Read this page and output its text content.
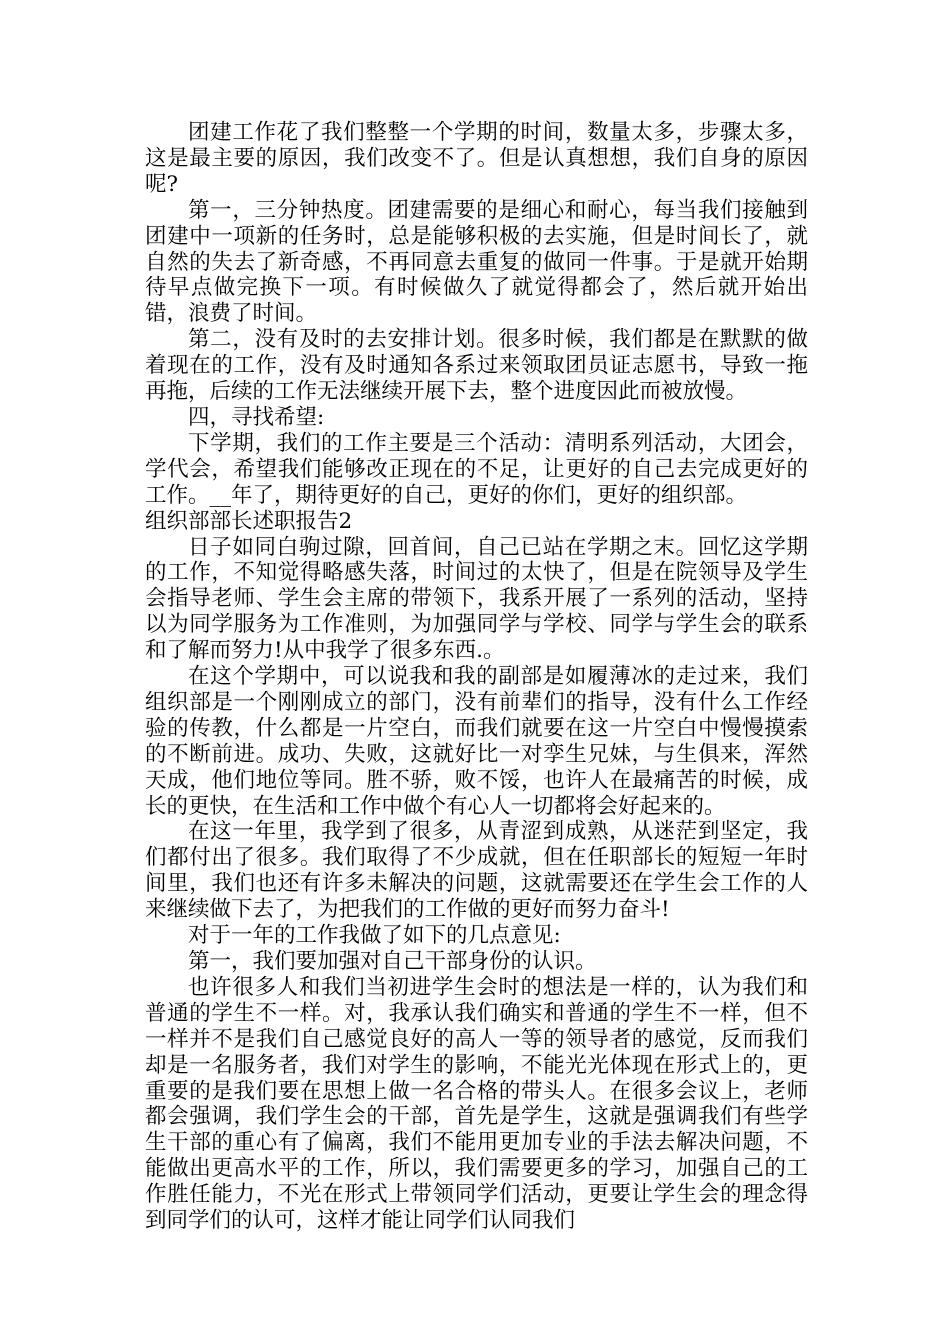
团建工作花了我们整整一个学期的时间，数量太多，步骤太多，这是最主要的原因，我们改变不了。但是认真想想，我们自身的原因呢?

第一，三分钟热度。团建需要的是细心和耐心，每当我们接触到团建中一项新的任务时，总是能够积极的去实施，但是时间长了，就自然的失去了新奇感，不再同意去重复的做同一件事。于是就开始期待早点做完换下一项。有时候做久了就觉得都会了，然后就开始出错，浪费了时间。

第二，没有及时的去安排计划。很多时候，我们都是在默默的做着现在的工作，没有及时通知各系过来领取团员证志愿书，导致一拖再拖，后续的工作无法继续开展下去，整个进度因此而被放慢。

四，寻找希望:

下学期，我们的工作主要是三个活动：清明系列活动，大团会，学代会，希望我们能够改正现在的不足，让更好的自己去完成更好的工作。__年了，期待更好的自己，更好的你们，更好的组织部。

组织部部长述职报告2

日子如同白驹过隙，回首间，自己已站在学期之末。回忆这学期的工作，不知觉得略感失落，时间过的太快了，但是在院领导及学生会指导老师、学生会主席的带领下，我系开展了一系列的活动，坚持以为同学服务为工作准则，为加强同学与学校、同学与学生会的联系和了解而努力!从中我学了很多东西.。

在这个学期中，可以说我和我的副部是如履薄冰的走过来，我们组织部是一个刚刚成立的部门，没有前辈们的指导，没有什么工作经验的传教，什么都是一片空白，而我们就要在这一片空白中慢慢摸索的不断前进。成功、失败，这就好比一对孪生兄妹，与生俱来，浑然天成，他们地位等同。胜不骄，败不馁，也许人在最痛苦的时候，成长的更快，在生活和工作中做个有心人一切都将会好起来的。

在这一年里，我学到了很多，从青涩到成熟，从迷茫到坚定，我们都付出了很多。我们取得了不少成就，但在任职部长的短短一年时间里，我们也还有许多未解决的问题，这就需要还在学生会工作的人来继续做下去了，为把我们的工作做的更好而努力奋斗!

对于一年的工作我做了如下的几点意见:

第一，我们要加强对自己干部身份的认识。

也许很多人和我们当初进学生会时的想法是一样的，认为我们和普通的学生不一样。对，我承认我们确实和普通的学生不一样，但不一样并不是我们自己感觉良好的高人一等的领导者的感觉，反而我们却是一名服务者，我们对学生的影响，不能光光体现在形式上的，更重要的是我们要在思想上做一名合格的带头人。在很多会议上，老师都会强调，我们学生会的干部，首先是学生，这就是强调我们有些学生干部的重心有了偏离，我们不能用更加专业的手法去解决问题，不能做出更高水平的工作，所以，我们需要更多的学习，加强自己的工作胜任能力，不光在形式上带领同学们活动，更要让学生会的理念得到同学们的认可，这样才能让同学们认同我们
